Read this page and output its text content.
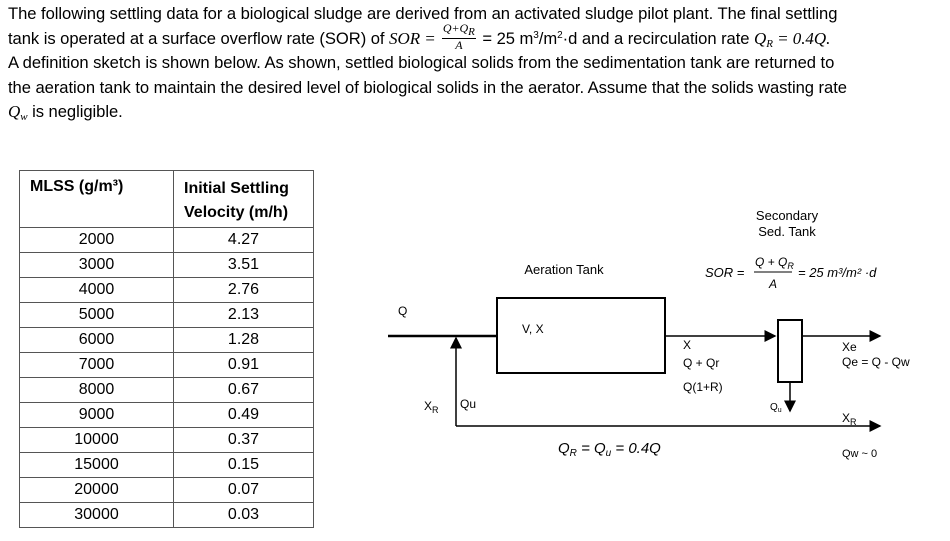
The following settling data for a biological sludge are derived from an activated sludge pilot plant. The final settling
tank is operated at a surface overflow rate (SOR) of SOR = $\frac{Q+QR}{A} = 25$ $m^3/m^2\cdot d$ and a recirculation rate $Q_R = 0.4Q$.
A definition sketch is shown below. As shown, settled biological solids from the sedimentation tank are returned to
the aeration tank to maintain the desired level of biological solids in the aerator. Assume that the solids wasting rate
$Q_w$ is negligible.
MLSS (g/m³)	Initial Settling
Velocity (m/h)
2000	4.27
3000	3.51
4000	2.76
5000	2.13
6000	1.28
7000	0.91
8000	0.67
9000	0.49
10000	0.37
15000	0.15
20000	0.07
30000	0.03
Secondary
Sed. Tank
Aeration Tank	SOR =
$Q + Q_R$
A
= 25 m³/m² ·d
Q
V, X
X
Q + Qr
Q(1+R)
Xe
Qe = Q - Qw
$Q_u$
$X_R$ Qu
$X_R$
Qw ~ 0
$Q_R = Q_u = 0.4Q$
